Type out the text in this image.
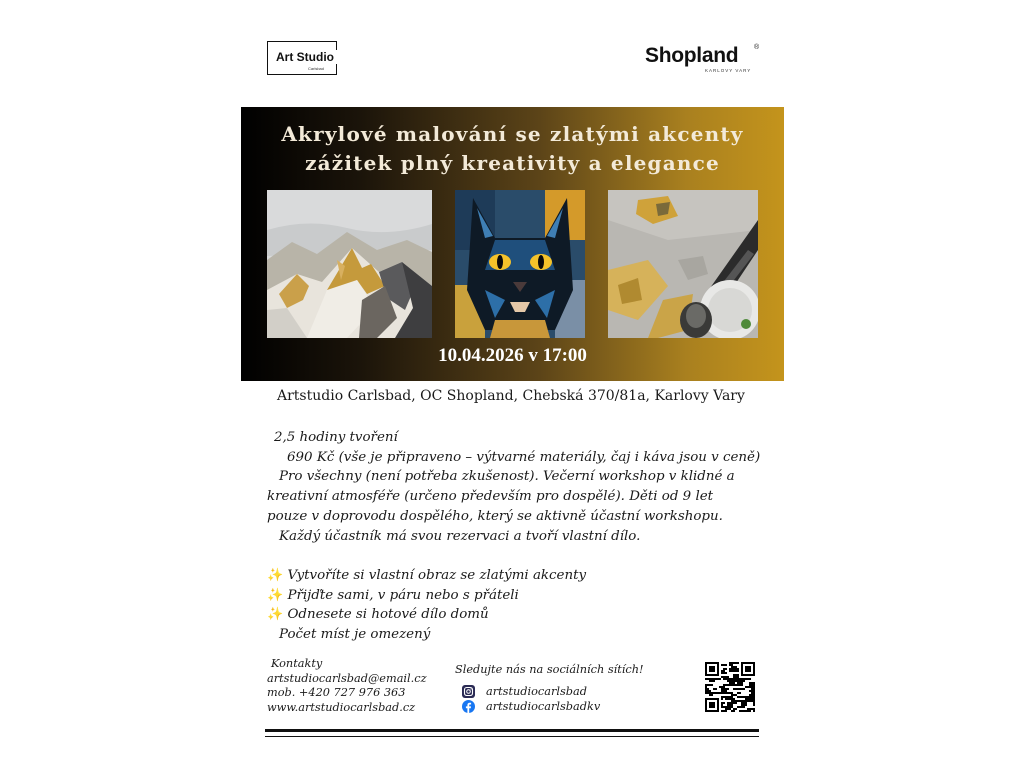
Art Studio
Carlsbad
Shopland ®
KARLOVY VARY
Akrylové malování se zlatými akcenty
zážitek plný kreativity a elegance
10.04.2026 v 17:00
Artstudio Carlsbad, OC Shopland, Chebská 370/81a, Karlovy Vary
2,5 hodiny tvoření
690 Kč (vše je připraveno – výtvarné materiály, čaj i káva jsou v ceně)
Pro všechny (není potřeba zkušenost). Večerní workshop v klidné a
kreativní atmosféře (určeno především pro dospělé). Děti od 9 let
pouze v doprovodu dospělého, který se aktivně účastní workshopu.
Každý účastník má svou rezervaci a tvoří vlastní dílo.
✨ Vytvoříte si vlastní obraz se zlatými akcenty
✨ Přijďte sami, v páru nebo s přáteli
✨ Odnesete si hotové dílo domů
Počet míst je omezený
Kontakty
artstudiocarlsbad@email.cz
mob. +420 727 976 363
www.artstudiocarlsbad.cz
Sledujte nás na sociálních sítích!
artstudiocarlsbad
artstudiocarlsbadkv
